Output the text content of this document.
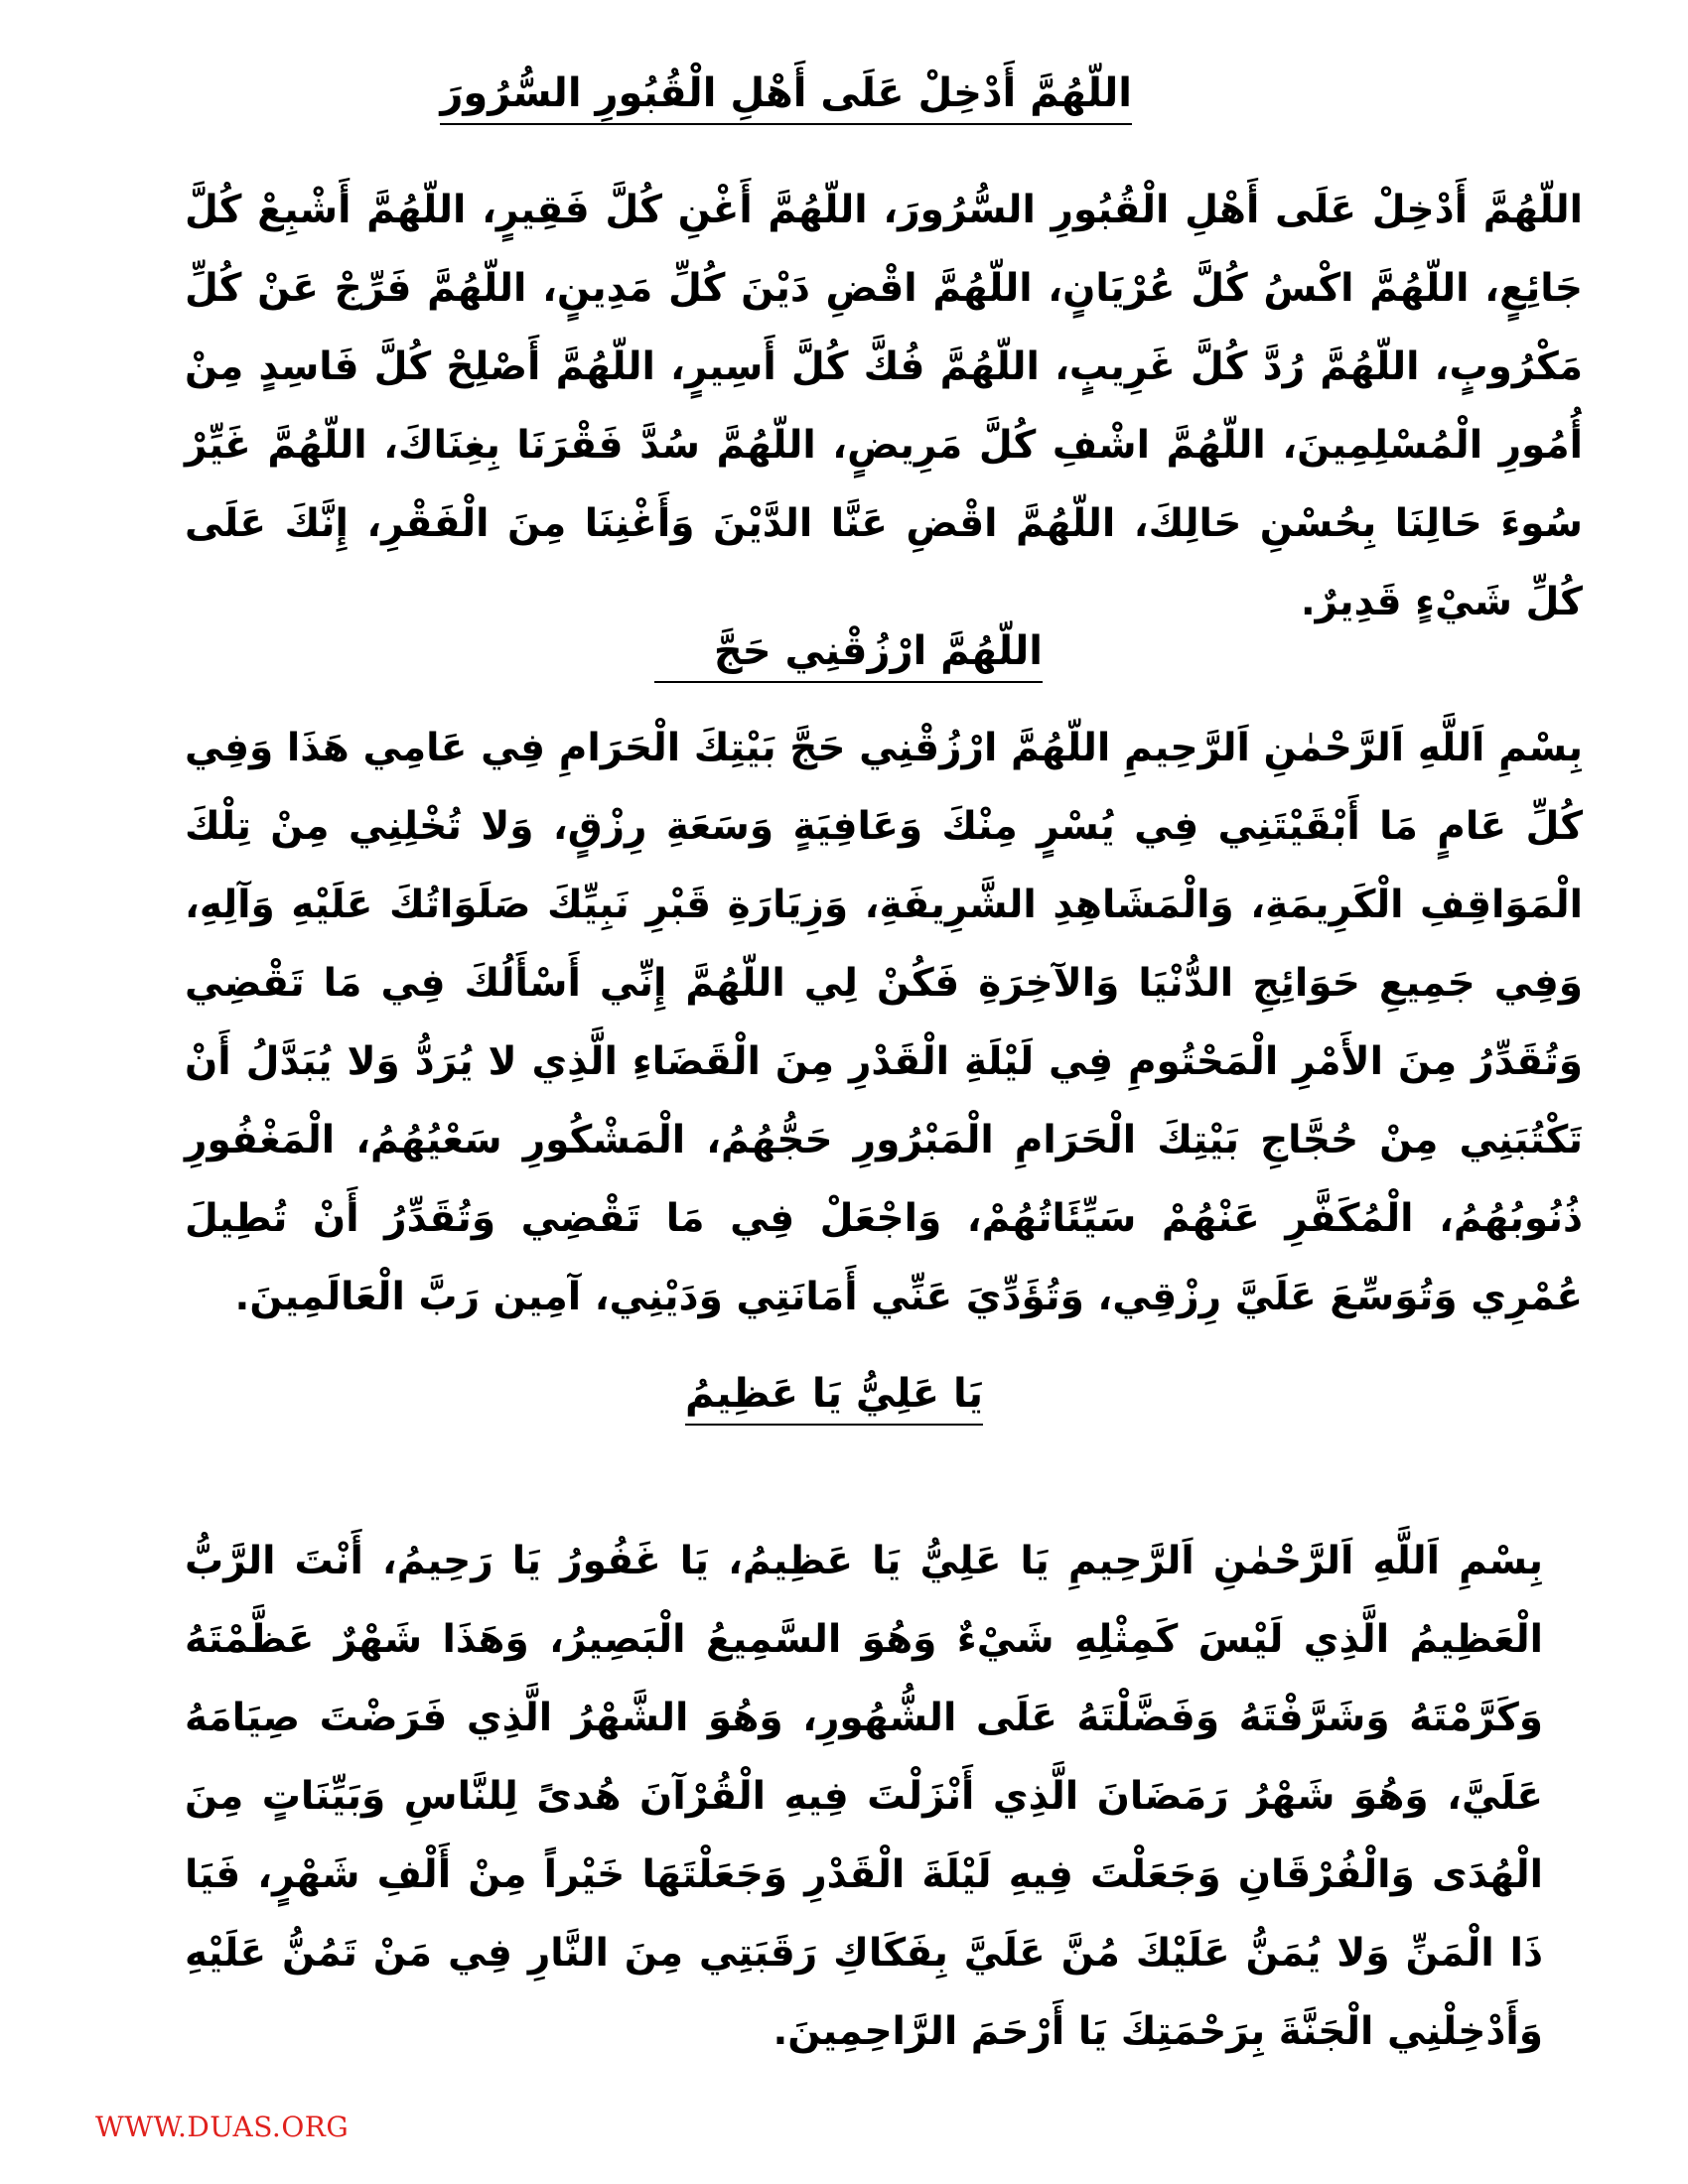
اللّهُمَّ أَدْخِلْ عَلَى أَهْلِ الْقُبُورِ السُّرُورَ

اللّهُمَّ أَدْخِلْ عَلَى أَهْلِ الْقُبُورِ السُّرُورَ، اللّهُمَّ أَغْنِ كُلَّ فَقِيرٍ، اللّهُمَّ أَشْبِعْ كُلَّ جَائِعٍ، اللّهُمَّ اكْسُ كُلَّ عُرْيَانٍ، اللّهُمَّ اقْضِ دَيْنَ كُلِّ مَدِينٍ، اللّهُمَّ فَرِّجْ عَنْ كُلِّ مَكْرُوبٍ، اللّهُمَّ رُدَّ كُلَّ غَرِيبٍ، اللّهُمَّ فُكَّ كُلَّ أَسِيرٍ، اللّهُمَّ أَصْلِحْ كُلَّ فَاسِدٍ مِنْ أُمُورِ الْمُسْلِمِينَ، اللّهُمَّ اشْفِ كُلَّ مَرِيضٍ، اللّهُمَّ سُدَّ فَقْرَنَا بِغِنَاكَ، اللّهُمَّ غَيِّرْ سُوءَ حَالِنَا بِحُسْنِ حَالِكَ، اللّهُمَّ اقْضِ عَنَّا الدَّيْنَ وَأَغْنِنَا مِنَ الْفَقْرِ، إِنَّكَ عَلَى كُلِّ شَيْءٍ قَدِيرٌ.

اللّهُمَّ ارْزُقْنِي حَجَّ

بِسْمِ اَللَّهِ اَلرَّحْمٰنِ اَلرَّحِيمِ اللّهُمَّ ارْزُقْنِي حَجَّ بَيْتِكَ الْحَرَامِ فِي عَامِي هَذَا وَفِي كُلِّ عَامٍ مَا أَبْقَيْتَنِي فِي يُسْرٍ مِنْكَ وَعَافِيَةٍ وَسَعَةِ رِزْقٍ، وَلا تُخْلِنِي مِنْ تِلْكَ الْمَوَاقِفِ الْكَرِيمَةِ، وَالْمَشَاهِدِ الشَّرِيفَةِ، وَزِيَارَةِ قَبْرِ نَبِيِّكَ صَلَوَاتُكَ عَلَيْهِ وَآلِهِ، وَفِي جَمِيعِ حَوَائِجِ الدُّنْيَا وَالآخِرَةِ فَكُنْ لِي اللّهُمَّ إِنِّي أَسْأَلُكَ فِي مَا تَقْضِي وَتُقَدِّرُ مِنَ الأَمْرِ الْمَحْتُومِ فِي لَيْلَةِ الْقَدْرِ مِنَ الْقَضَاءِ الَّذِي لا يُرَدُّ وَلا يُبَدَّلُ أَنْ تَكْتُبَنِي مِنْ حُجَّاجِ بَيْتِكَ الْحَرَامِ الْمَبْرُورِ حَجُّهُمُ، الْمَشْكُورِ سَعْيُهُمُ، الْمَغْفُورِ ذُنُوبُهُمُ، الْمُكَفَّرِ عَنْهُمْ سَيِّئَاتُهُمْ، وَاجْعَلْ فِي مَا تَقْضِي وَتُقَدِّرُ أَنْ تُطِيلَ عُمْرِي وَتُوَسِّعَ عَلَيَّ رِزْقِي، وَتُؤَدِّيَ عَنِّي أَمَانَتِي وَدَيْنِي، آمِين رَبَّ الْعَالَمِينَ.

يَا عَلِيُّ يَا عَظِيمُ

بِسْمِ اَللَّهِ اَلرَّحْمٰنِ اَلرَّحِيمِ يَا عَلِيُّ يَا عَظِيمُ، يَا غَفُورُ يَا رَحِيمُ، أَنْتَ الرَّبُّ الْعَظِيمُ الَّذِي لَيْسَ كَمِثْلِهِ شَيْءٌ وَهُوَ السَّمِيعُ الْبَصِيرُ، وَهَذَا شَهْرٌ عَظَّمْتَهُ وَكَرَّمْتَهُ وَشَرَّفْتَهُ وَفَضَّلْتَهُ عَلَى الشُّهُورِ، وَهُوَ الشَّهْرُ الَّذِي فَرَضْتَ صِيَامَهُ عَلَيَّ، وَهُوَ شَهْرُ رَمَضَانَ الَّذِي أَنْزَلْتَ فِيهِ الْقُرْآنَ هُدىً لِلنَّاسِ وَبَيِّنَاتٍ مِنَ الْهُدَى وَالْفُرْقَانِ وَجَعَلْتَ فِيهِ لَيْلَةَ الْقَدْرِ وَجَعَلْتَهَا خَيْراً مِنْ أَلْفِ شَهْرٍ، فَيَا ذَا الْمَنِّ وَلا يُمَنُّ عَلَيْكَ مُنَّ عَلَيَّ بِفَكَاكِ رَقَبَتِي مِنَ النَّارِ فِي مَنْ تَمُنُّ عَلَيْهِ وَأَدْخِلْنِي الْجَنَّةَ بِرَحْمَتِكَ يَا أَرْحَمَ الرَّاحِمِينَ.

WWW.DUAS.ORG
